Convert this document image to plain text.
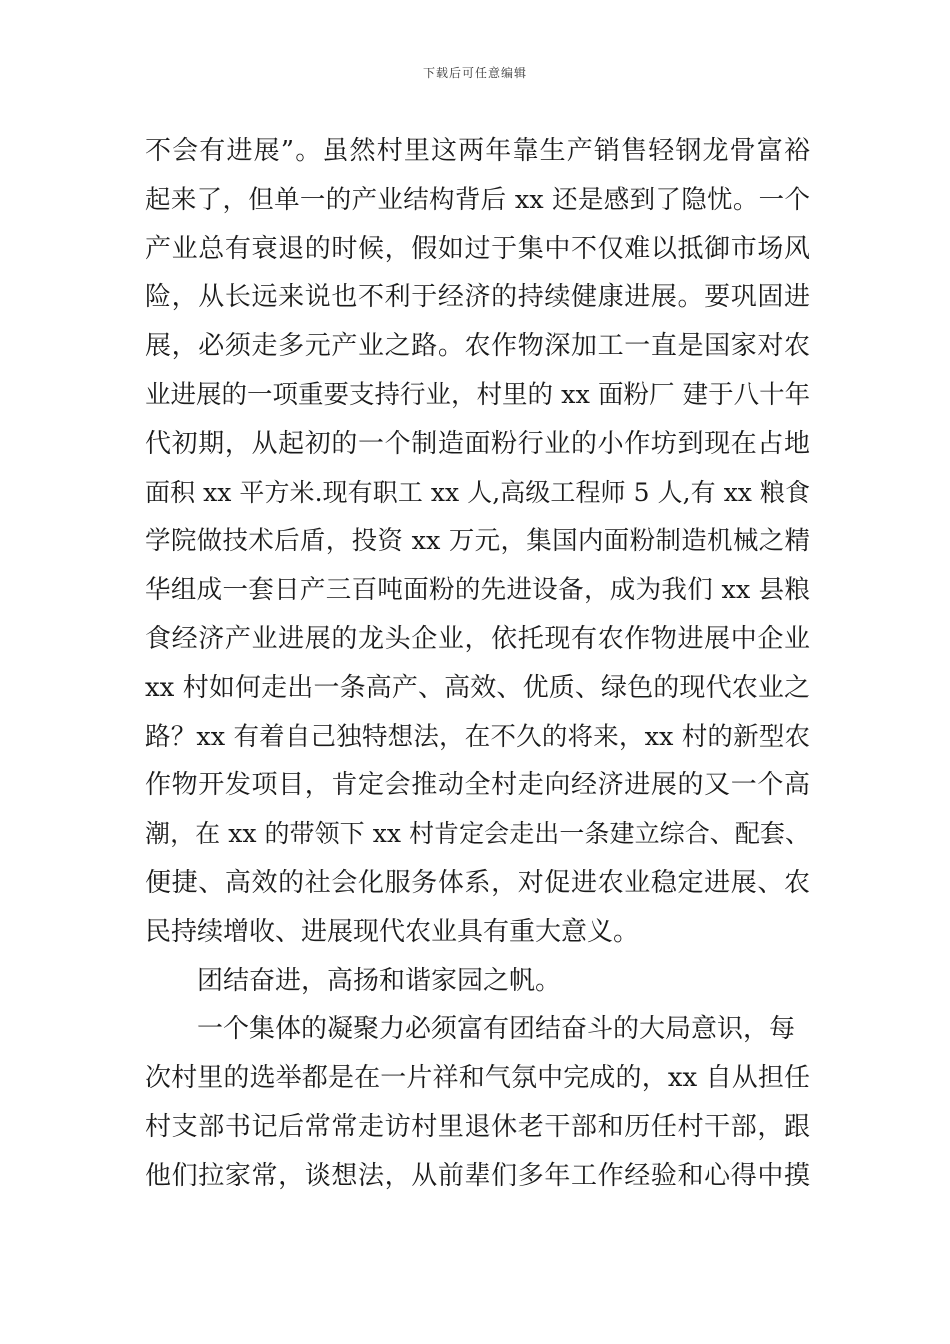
下载后可任意编辑
不会有进展”。虽然村里这两年靠生产销售轻钢龙骨富裕
起来了，但单一的产业结构背后 xx 还是感到了隐忧。一个
产业总有衰退的时候，假如过于集中不仅难以抵御市场风
险，从长远来说也不利于经济的持续健康进展。要巩固进
展，必须走多元产业之路。农作物深加工一直是国家对农
业进展的一项重要支持行业，村里的 xx 面粉厂 建于八十年
代初期，从起初的一个制造面粉行业的小作坊到现在占地
面积 xx 平方米.现有职工 xx 人,高级工程师 5 人,有 xx 粮食
学院做技术后盾，投资 xx 万元，集国内面粉制造机械之精
华组成一套日产三百吨面粉的先进设备，成为我们 xx 县粮
食经济产业进展的龙头企业，依托现有农作物进展中企业
xx 村如何走出一条高产、高效、优质、绿色的现代农业之
路？xx 有着自己独特想法，在不久的将来，xx 村的新型农
作物开发项目，肯定会推动全村走向经济进展的又一个高
潮，在 xx 的带领下 xx 村肯定会走出一条建立综合、配套、
便捷、高效的社会化服务体系，对促进农业稳定进展、农
民持续增收、进展现代农业具有重大意义。
团结奋进，高扬和谐家园之帆。
一个集体的凝聚力必须富有团结奋斗的大局意识，每
次村里的选举都是在一片祥和气氛中完成的，xx 自从担任
村支部书记后常常走访村里退休老干部和历任村干部，跟
他们拉家常，谈想法，从前辈们多年工作经验和心得中摸
